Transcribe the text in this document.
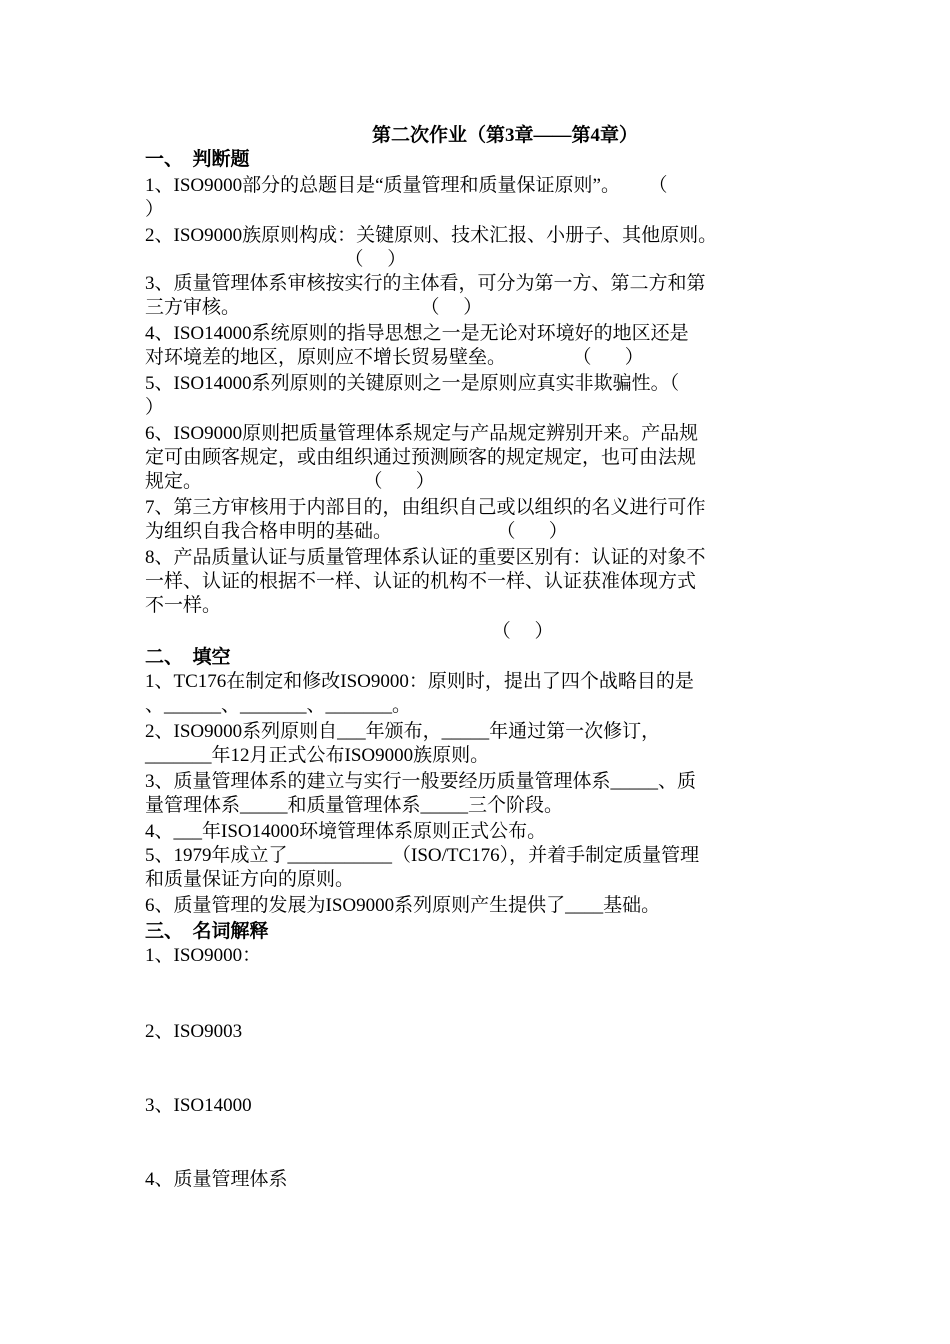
第二次作业（第3章——第4章）
一、  判断题
1、ISO9000部分的总题目是“质量管理和质量保证原则”。      （
）
2、ISO9000族原则构成：关键原则、技术汇报、小册子、其他原则。
（     ）
3、质量管理体系审核按实行的主体看，可分为第一方、第二方和第
三方审核。                                      （     ）
4、ISO14000系统原则的指导思想之一是无论对环境好的地区还是
对环境差的地区，原则应不增长贸易壁垒。              （       ）
5、ISO14000系列原则的关键原则之一是原则应真实非欺骗性。（
）
6、ISO9000原则把质量管理体系规定与产品规定辨别开来。产品规
定可由顾客规定，或由组织通过预测顾客的规定规定，也可由法规
规定。                                  （       ）
7、第三方审核用于内部目的，由组织自己或以组织的名义进行可作
为组织自我合格申明的基础。                      （       ）
8、产品质量认证与质量管理体系认证的重要区别有：认证的对象不
一样、认证的根据不一样、认证的机构不一样、认证获准体现方式
不一样。
（     ）
二、  填空
1、TC176在制定和修改ISO9000：原则时，提出了四个战略目的是
、______、_______、_______。
2、ISO9000系列原则自___年颁布，_____年通过第一次修订，
_______年12月正式公布ISO9000族原则。
3、质量管理体系的建立与实行一般要经历质量管理体系_____、质
量管理体系_____和质量管理体系_____三个阶段。
4、___年ISO14000环境管理体系原则正式公布。
5、1979年成立了___________（ISO/TC176），并着手制定质量管理
和质量保证方向的原则。
6、质量管理的发展为ISO9000系列原则产生提供了____基础。
三、  名词解释
1、ISO9000：
2、ISO9003
3、ISO14000
4、质量管理体系
